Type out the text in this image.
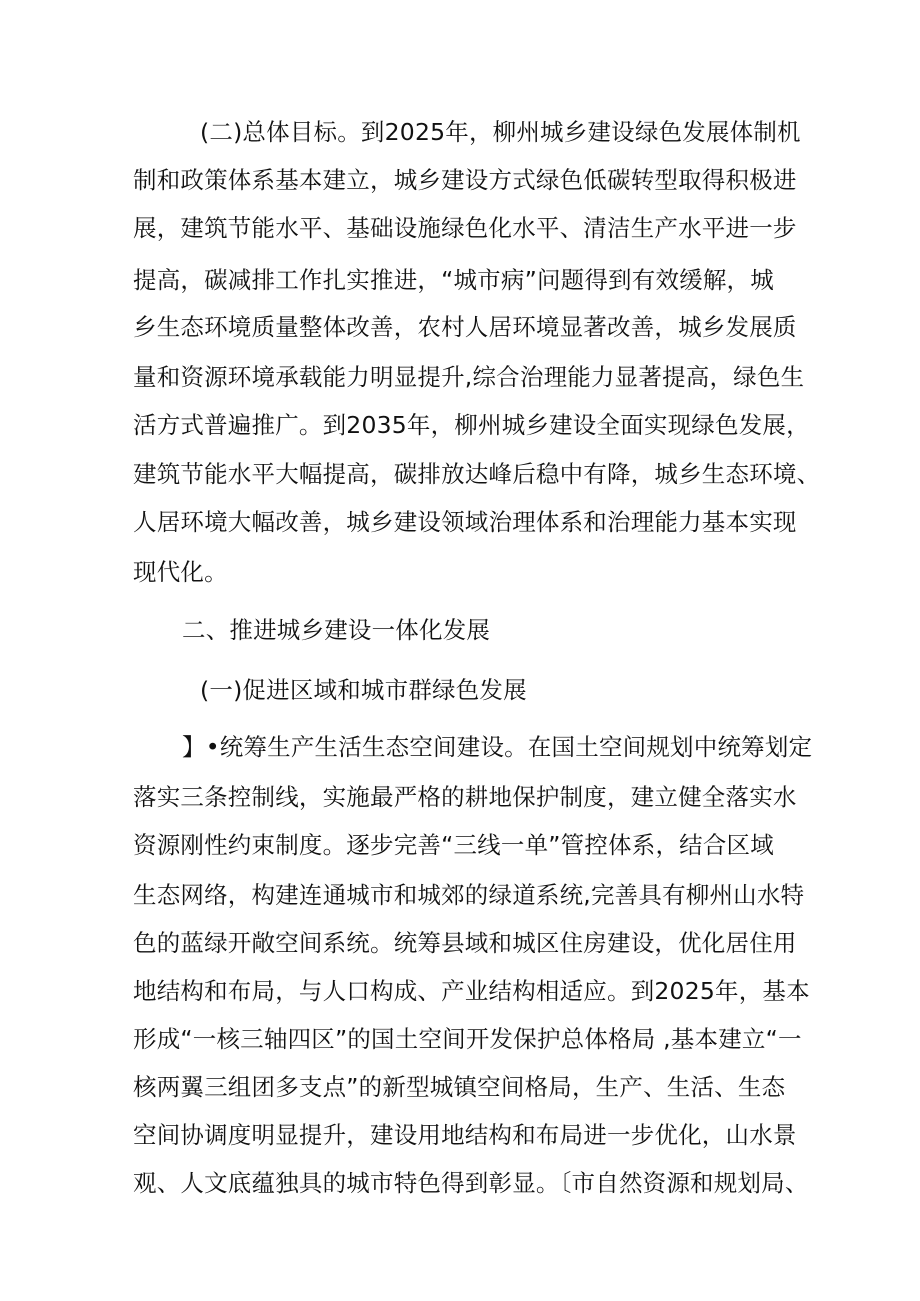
(二)总体目标。到2025年，柳州城乡建设绿色发展体制机
制和政策体系基本建立，城乡建设方式绿色低碳转型取得积极进
展，建筑节能水平、基础设施绿色化水平、清洁生产水平进一步
提高，碳减排工作扎实推进，“城市病”问题得到有效缓解，城
乡生态环境质量整体改善，农村人居环境显著改善，城乡发展质
量和资源环境承载能力明显提升,综合治理能力显著提高，绿色生
活方式普遍推广。到2035年，柳州城乡建设全面实现绿色发展，
建筑节能水平大幅提高，碳排放达峰后稳中有降，城乡生态环境、
人居环境大幅改善，城乡建设领域治理体系和治理能力基本实现
现代化。
二、推进城乡建设一体化发展
(一)促进区域和城市群绿色发展
】•统筹生产生活生态空间建设。在国土空间规划中统筹划定
落实三条控制线，实施最严格的耕地保护制度，建立健全落实水
资源刚性约束制度。逐步完善“三线一单”管控体系，结合区域
生态网络，构建连通城市和城郊的绿道系统,完善具有柳州山水特
色的蓝绿开敞空间系统。统筹县域和城区住房建设，优化居住用
地结构和布局，与人口构成、产业结构相适应。到2025年，基本
形成“一核三轴四区”的国土空间开发保护总体格局 ,基本建立“一
核两翼三组团多支点”的新型城镇空间格局，生产、生活、生态
空间协调度明显提升，建设用地结构和布局进一步优化，山水景
观、人文底蕴独具的城市特色得到彰显。〔市自然资源和规划局、
